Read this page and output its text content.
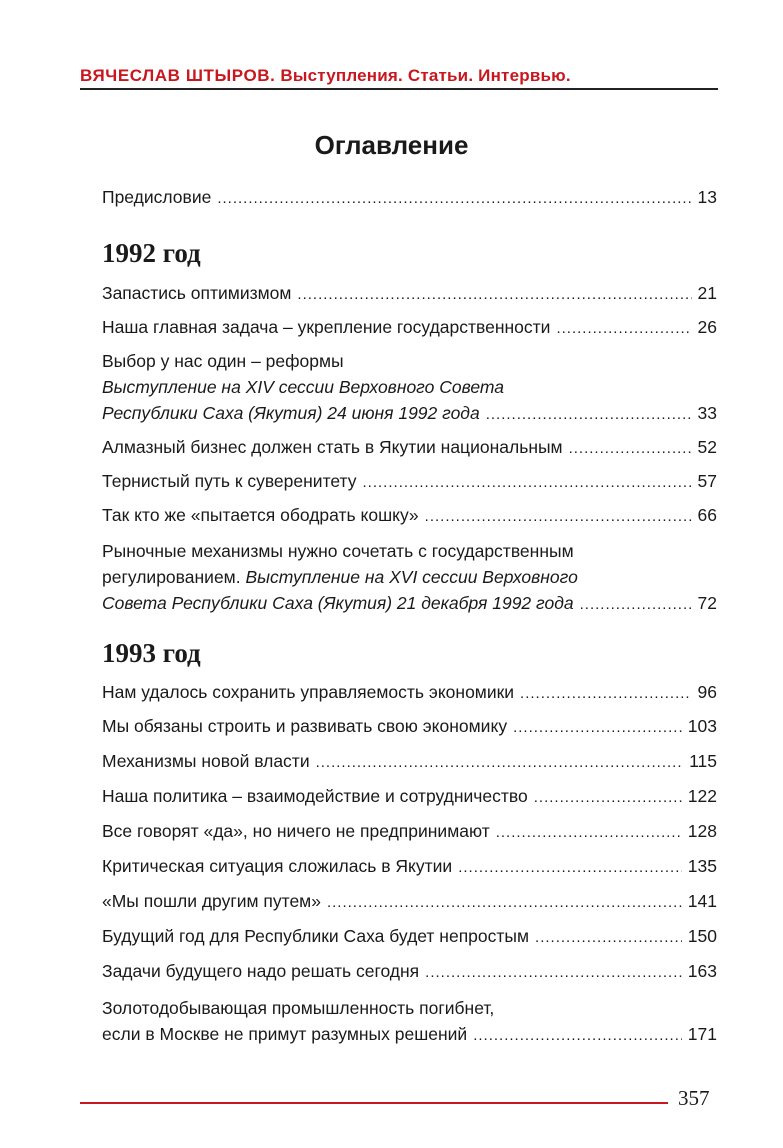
ВЯЧЕСЛАВ ШТЫРОВ. Выступления. Статьи. Интервью.
Оглавление
Предисловие .....	13
1992 год
Запастись оптимизмом .....	21
Наша главная задача – укрепление государственности .....	26
Выбор у нас один – реформы
Выступление на XIV сессии Верховного Совета
Республики Саха (Якутия) 24 июня 1992 года .....	33
Алмазный бизнес должен стать в Якутии национальным .....	52
Тернистый путь к суверенитету .....	57
Так кто же «пытается ободрать кошку» .....	66
Рыночные механизмы нужно сочетать с государственным
регулированием.
Выступление на XVI сессии Верховного
Совета Республики Саха (Якутия) 21 декабря 1992 года .....	72
1993 год
Нам удалось сохранить управляемость экономики .....	96
Мы обязаны строить и развивать свою экономику .....	103
Механизмы новой власти .....	115
Наша политика – взаимодействие и сотрудничество .....	122
Все говорят «да», но ничего не предпринимают .....	128
Критическая ситуация сложилась в Якутии .....	135
«Мы пошли другим путем» .....	141
Будущий год для Республики Саха будет непростым .....	150
Задачи будущего надо решать сегодня .....	163
Золотодобывающая промышленность погибнет,
если в Москве не примут разумных решений .....	171
357
